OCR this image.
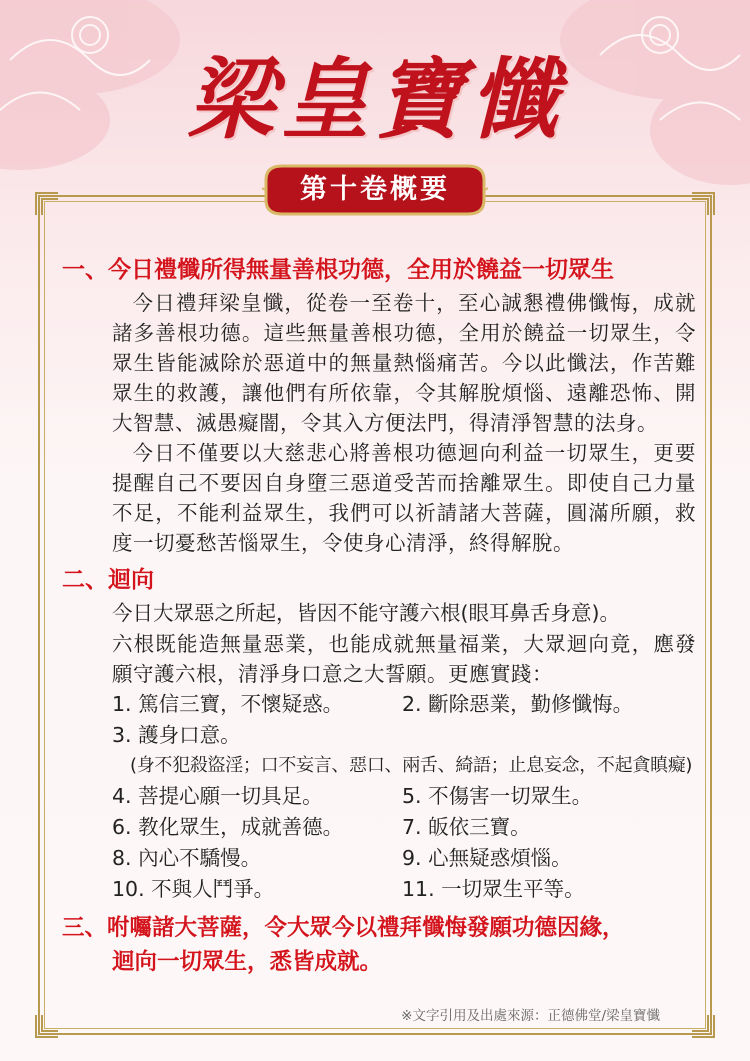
梁皇寶懺
第十卷概要

一、今日禮懺所得無量善根功德，全用於饒益一切眾生

今日禮拜梁皇懺，從卷一至卷十，至心誠懇禮佛懺悔，成就諸多善根功德。這些無量善根功德，全用於饒益一切眾生，令眾生皆能滅除於惡道中的無量熱惱痛苦。今以此懺法，作苦難眾生的救護，讓他們有所依靠，令其解脫煩惱、遠離恐怖、開大智慧、滅愚癡闇，令其入方便法門，得清淨智慧的法身。

今日不僅要以大慈悲心將善根功德迴向利益一切眾生，更要提醒自己不要因自身墮三惡道受苦而捨離眾生。即使自己力量不足，不能利益眾生，我們可以祈請諸大菩薩，圓滿所願，救度一切憂愁苦惱眾生，令使身心清淨，終得解脫。

二、迴向

今日大眾惡之所起，皆因不能守護六根(眼耳鼻舌身意)。

六根既能造無量惡業，也能成就無量福業，大眾迴向竟，應發願守護六根，清淨身口意之大誓願。更應實踐：

1. 篤信三寶，不懷疑惑。	2. 斷除惡業，勤修懺悔。
3. 護身口意。
(身不犯殺盜淫；口不妄言、惡口、兩舌、綺語；止息妄念，不起貪瞋癡)
4. 菩提心願一切具足。	5. 不傷害一切眾生。
6. 教化眾生，成就善德。	7. 皈依三寶。
8. 內心不驕慢。	9. 心無疑惑煩惱。
10. 不與人鬥爭。	11. 一切眾生平等。

三、咐囑諸大菩薩，令大眾今以禮拜懺悔發願功德因緣，

迴向一切眾生，悉皆成就。

※文字引用及出處來源：正德佛堂/梁皇寶懺
